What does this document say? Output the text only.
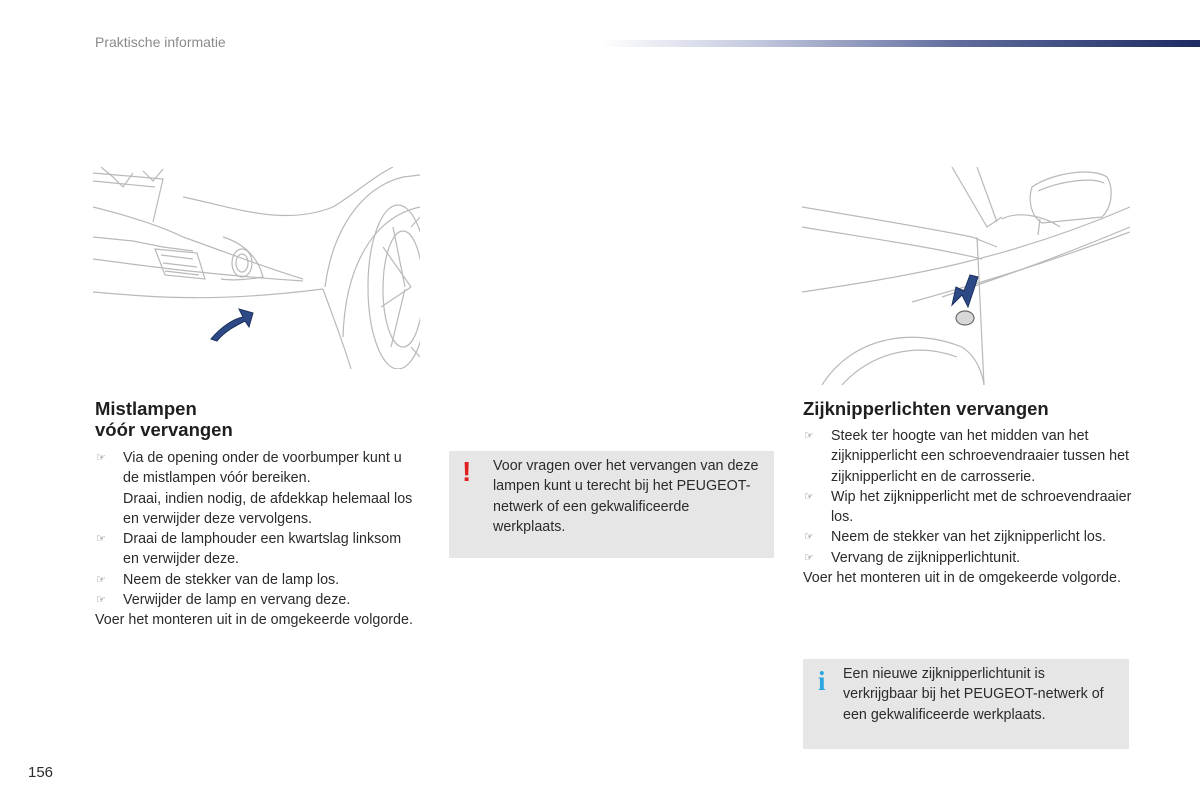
Praktische informatie
Mistlampen
vóór vervangen
☞ Via de opening onder de voorbumper kunt u de mistlampen vóór bereiken.
Draai, indien nodig, de afdekkap helemaal los en verwijder deze vervolgens.
☞ Draai de lamphouder een kwartslag linksom en verwijder deze.
☞ Neem de stekker van de lamp los.
☞ Verwijder de lamp en vervang deze.

Voer het monteren uit in de omgekeerde volgorde.

! Voor vragen over het vervangen van deze lampen kunt u terecht bij het PEUGEOT-netwerk of een gekwalificeerde werkplaats.
Zijknipperlichten vervangen
☞ Steek ter hoogte van het midden van het zijknipperlicht een schroevendraaier tussen het zijknipperlicht en de carrosserie.
☞ Wip het zijknipperlicht met de schroevendraaier los.
☞ Neem de stekker van het zijknipperlicht los.
☞ Vervang de zijknipperlichtunit.

Voer het monteren uit in de omgekeerde volgorde.

i Een nieuwe zijknipperlichtunit is verkrijgbaar bij het PEUGEOT-netwerk of een gekwalificeerde werkplaats.
156
